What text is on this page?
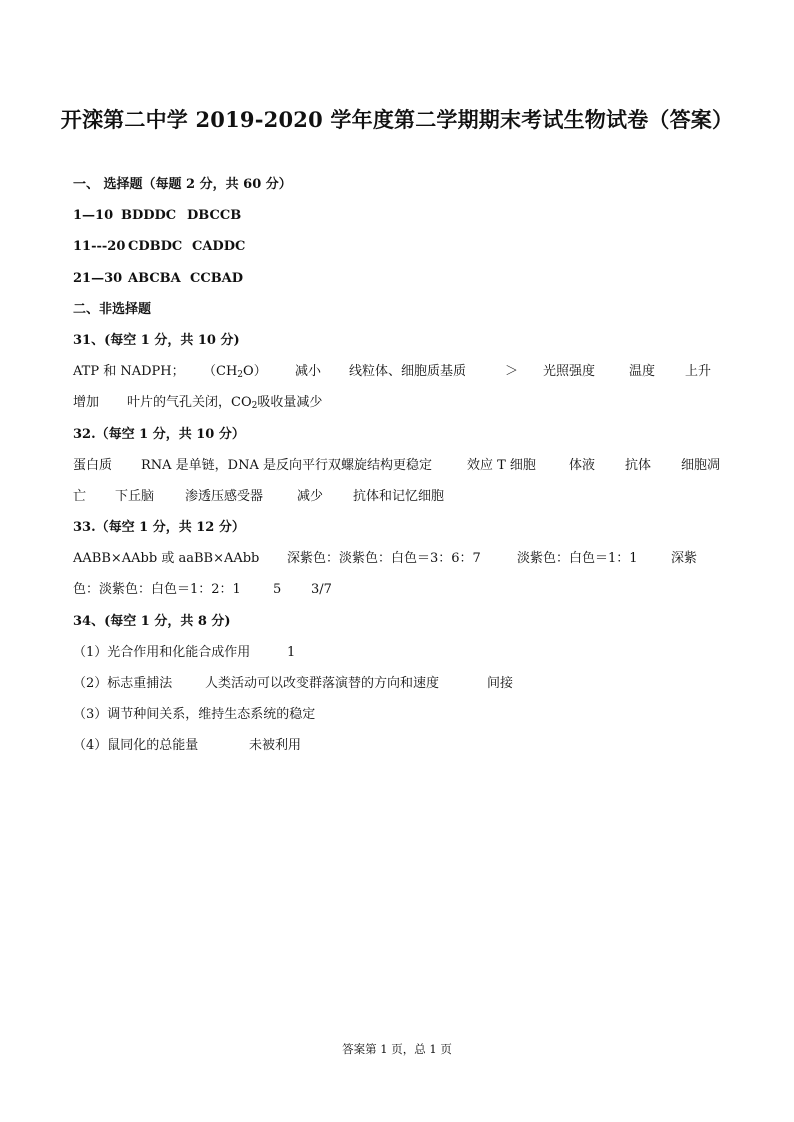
开滦第二中学 2019-2020 学年度第二学期期末考试生物试卷（答案）
一、 选择题（每题 2 分，共 60 分）
1—10 BDDDC DBCCB
11---20 CDBDC CADDC
21—30 ABCBA CCBAD
二、非选择题
31、(每空 1 分，共 10 分)
ATP 和 NADPH； $(CH_2O)$ 减小 线粒体、细胞质基质	＞ 光照强度	温度 上升
增加 叶片的气孔关闭，$CO_2$吸收量减少
32.（每空 1 分，共 10 分）
蛋白质 RNA 是单链，DNA 是反向平行双螺旋结构更稳定	效应 T 细胞	体液 抗体 细胞凋
亡 下丘脑 渗透压感受器	减少 抗体和记忆细胞
33.（每空 1 分，共 12 分）
AABB×AAbb 或 aaBB×AAbb 深紫色：淡紫色：白色＝3：6：7	淡紫色：白色＝1：1	深紫
色：淡紫色：白色＝1：2：1 5 3/7
34、(每空 1 分，共 8 分)
（1）光合作用和化能合成作用	1
（2）标志重捕法	人类活动可以改变群落演替的方向和速度	间接
（3）调节种间关系，维持生态系统的稳定
（4）鼠同化的总能量	未被利用
答案第 1 页，总 1 页
